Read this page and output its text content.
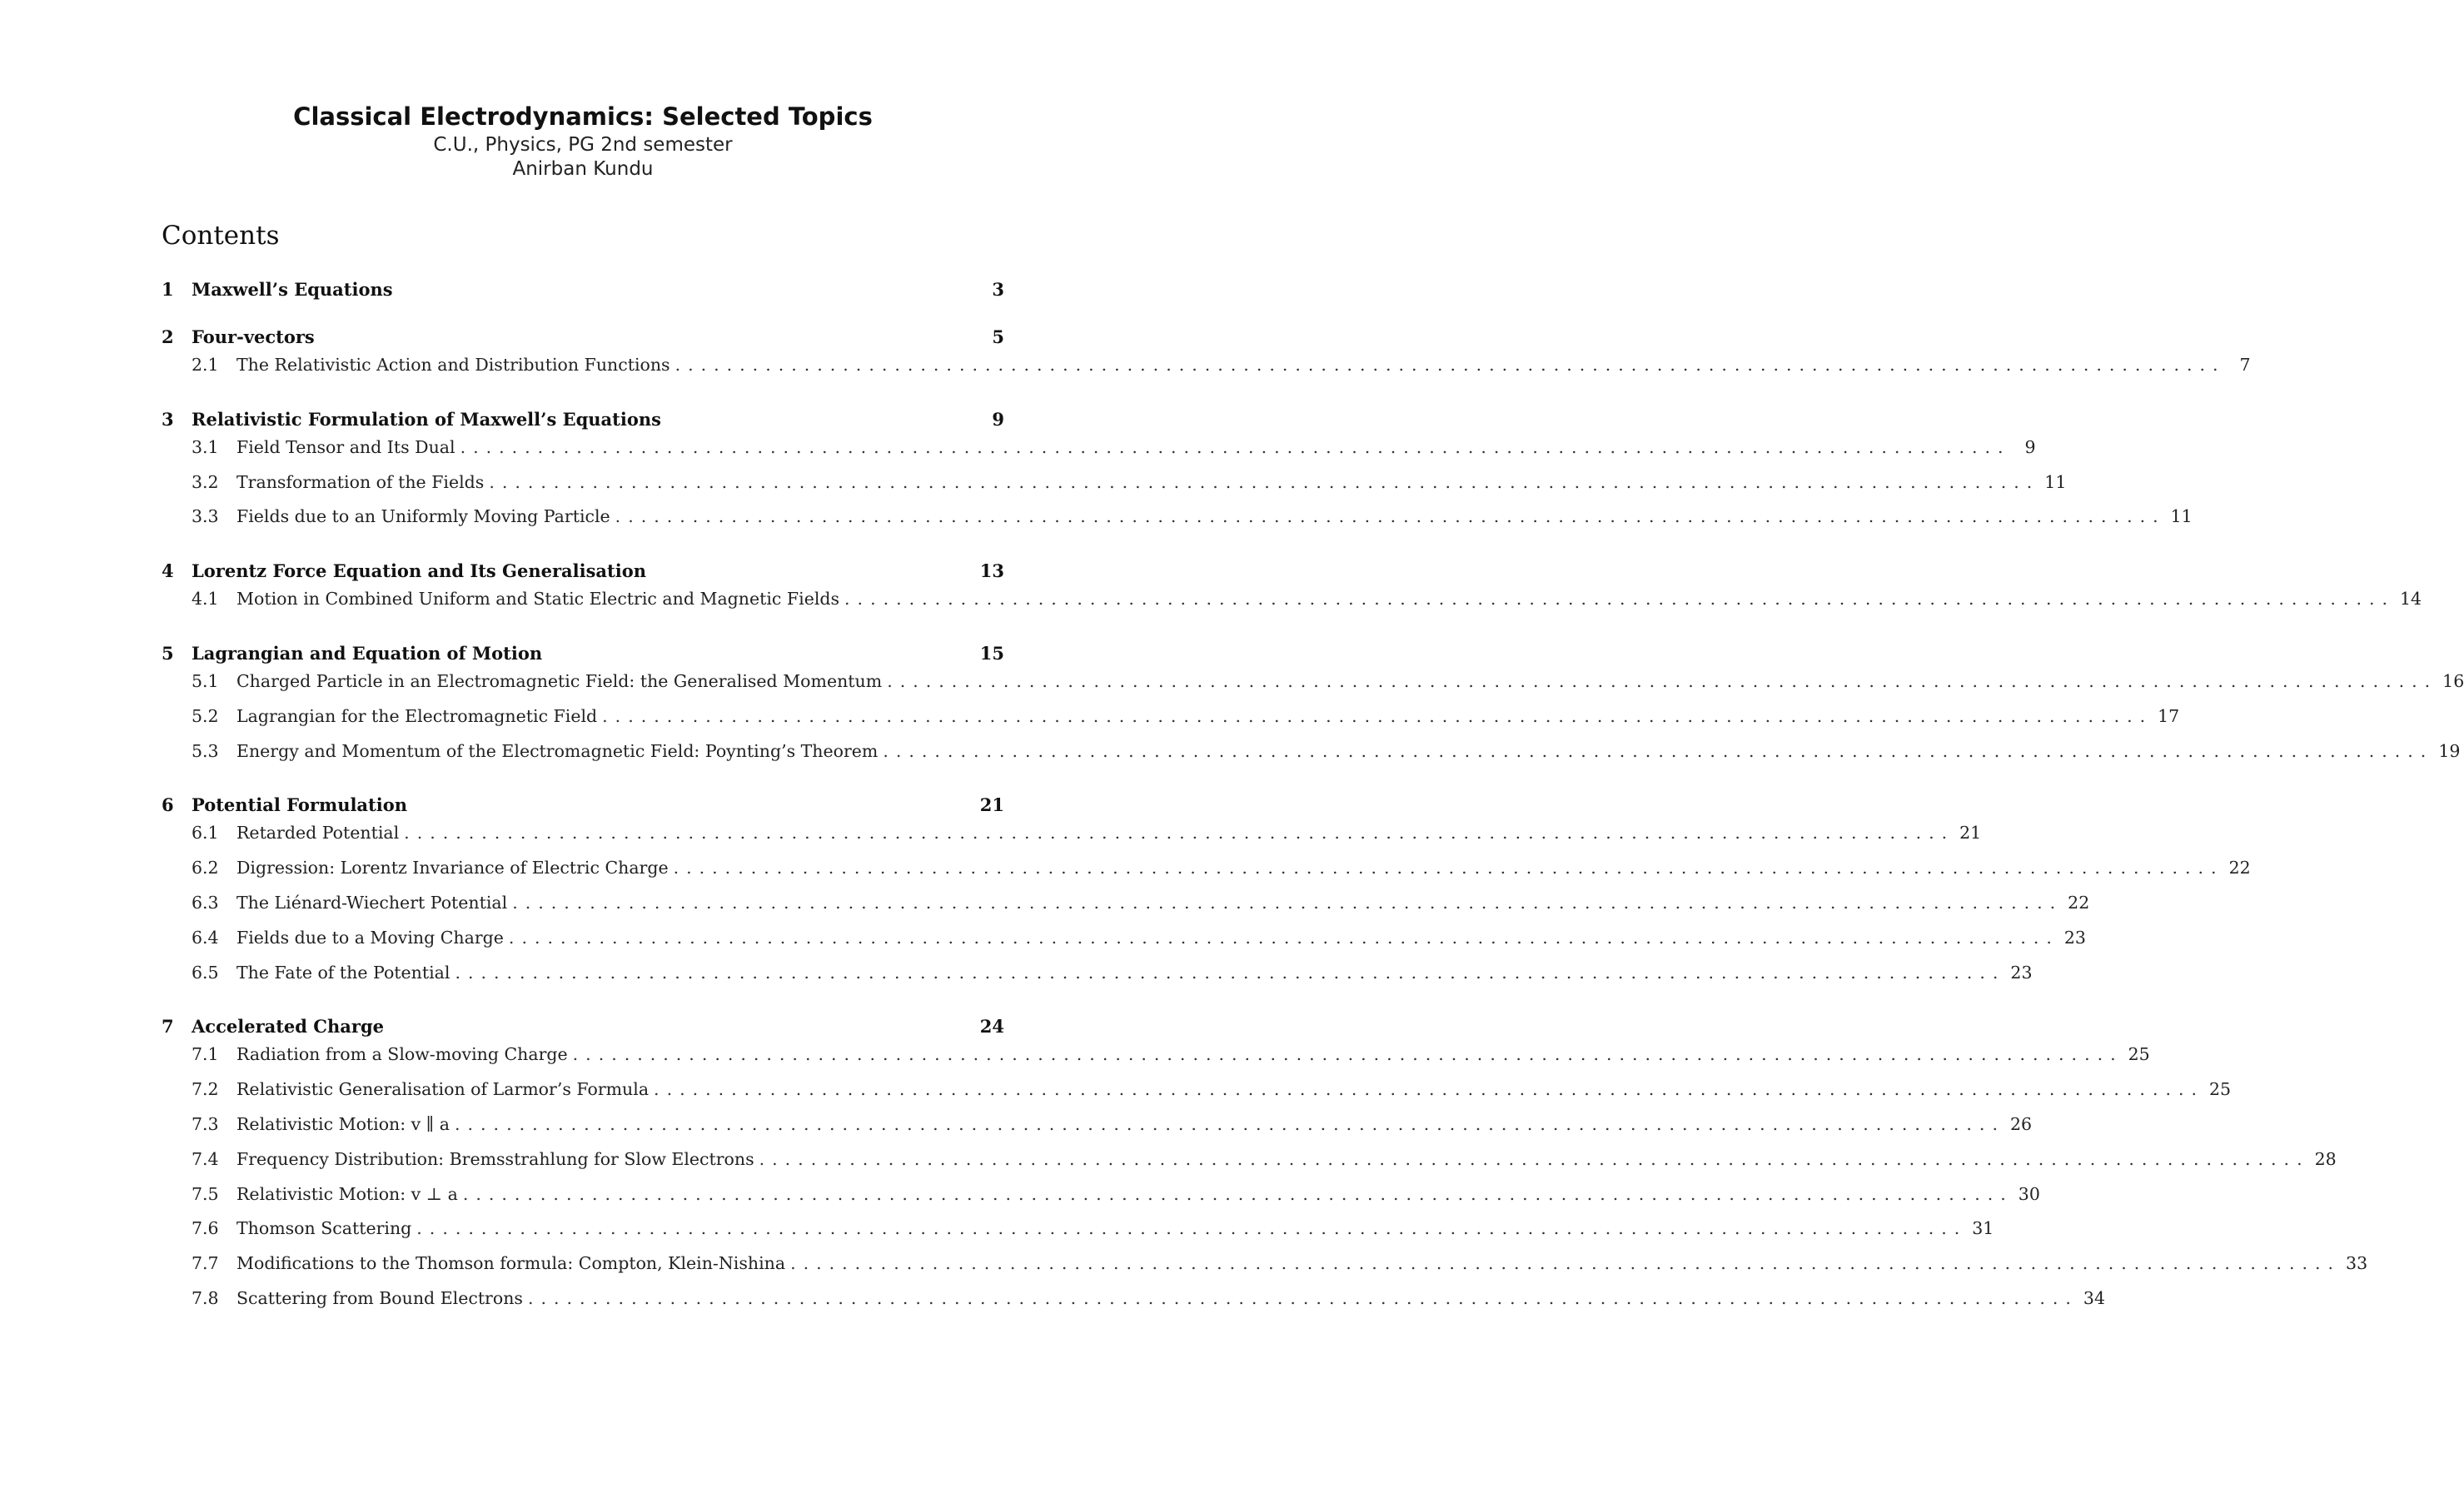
Classical Electrodynamics: Selected Topics
C.U., Physics, PG 2nd semester
Anirban Kundu
Contents
1	Maxwell’s Equations	3
2	Four-vectors	5
2.1	The Relativistic Action and Distribution Functions ........................................................................................................................ 7
3	Relativistic Formulation of Maxwell’s Equations	9
3.1	Field Tensor and Its Dual ........................................................................................................................ 9
3.2	Transformation of the Fields ........................................................................................................................ 11
3.3	Fields due to an Uniformly Moving Particle ........................................................................................................................ 11
4	Lorentz Force Equation and Its Generalisation	13
4.1	Motion in Combined Uniform and Static Electric and Magnetic Fields ........................................................................................................................ 14
5	Lagrangian and Equation of Motion	15
5.1	Charged Particle in an Electromagnetic Field: the Generalised Momentum ........................................................................................................................ 16
5.2	Lagrangian for the Electromagnetic Field ........................................................................................................................ 17
5.3	Energy and Momentum of the Electromagnetic Field: Poynting’s Theorem ........................................................................................................................ 19
6	Potential Formulation	21
6.1	Retarded Potential ........................................................................................................................ 21
6.2	Digression: Lorentz Invariance of Electric Charge ........................................................................................................................ 22
6.3	The Liénard-Wiechert Potential ........................................................................................................................ 22
6.4	Fields due to a Moving Charge ........................................................................................................................ 23
6.5	The Fate of the Potential ........................................................................................................................ 23
7	Accelerated Charge	24
7.1	Radiation from a Slow-moving Charge ........................................................................................................................ 25
7.2	Relativistic Generalisation of Larmor’s Formula ........................................................................................................................ 25
7.3	Relativistic Motion: v ∥ a ........................................................................................................................ 26
7.4	Frequency Distribution: Bremsstrahlung for Slow Electrons ........................................................................................................................ 28
7.5	Relativistic Motion: v ⊥ a ........................................................................................................................ 30
7.6	Thomson Scattering ........................................................................................................................ 31
7.7	Modifications to the Thomson formula: Compton, Klein-Nishina ........................................................................................................................ 33
7.8	Scattering from Bound Electrons ........................................................................................................................ 34
